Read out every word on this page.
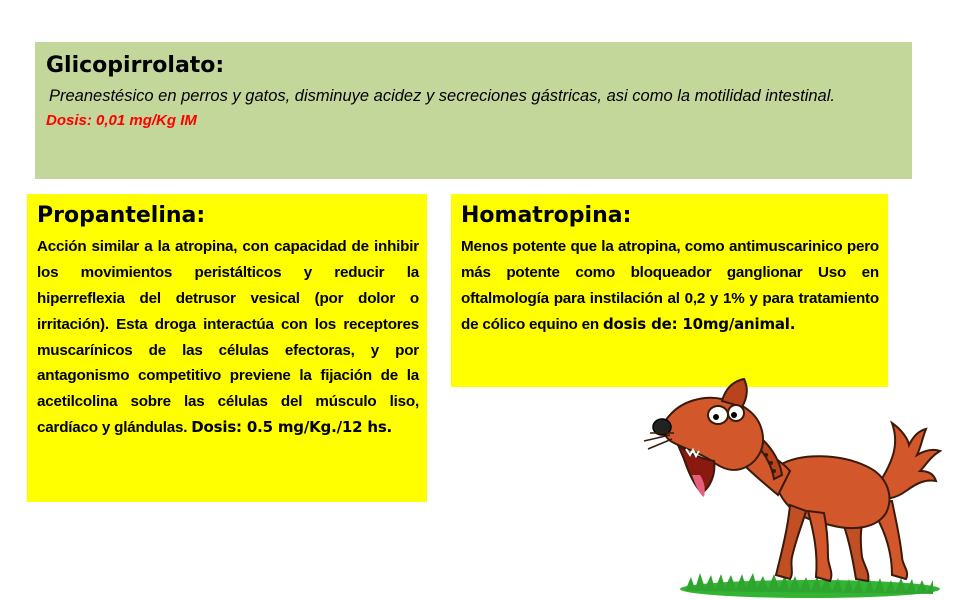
Glicopirrolato:

Preanestésico en perros y gatos, disminuye acidez y secreciones gástricas, asi como la motilidad intestinal.

Dosis: 0,01 mg/Kg IM
Propantelina:

Acción similar a la atropina, con capacidad de inhibir los movimientos peristálticos y reducir la hiperreflexia del detrusor vesical (por dolor o irritación). Esta droga interactúa con los receptores muscarínicos de las células efectoras, y por antagonismo competitivo previene la fijación de la acetilcolina sobre las células del músculo liso, cardíaco y glándulas. Dosis: 0.5 mg/Kg./12 hs.

Homatropina:

Menos potente que la atropina, como antimuscarinico pero más potente como bloqueador ganglionar Uso en oftalmología para instilación al 0,2 y 1% y para tratamiento de cólico equino en dosis de: 10mg/animal.
